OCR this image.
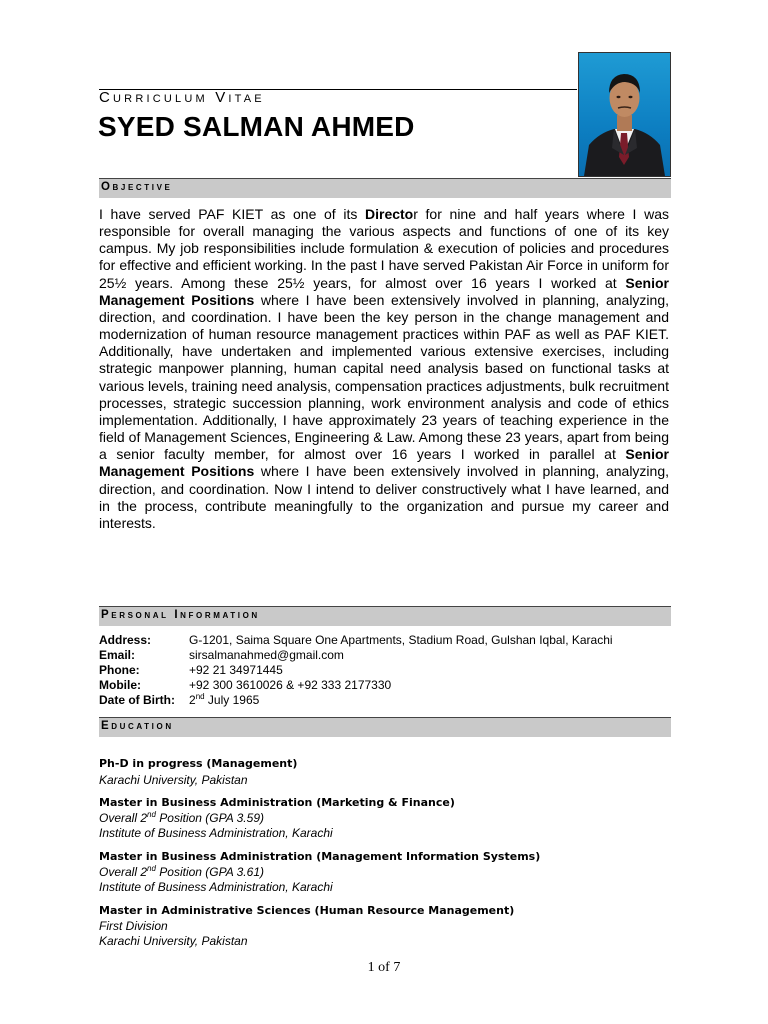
Curriculum Vitae
SYED SALMAN AHMED
Objective
I have served PAF KIET as one of its Director for nine and half years where I was responsible for overall managing the various aspects and functions of one of its key campus. My job responsibilities include formulation & execution of policies and procedures for effective and efficient working. In the past I have served Pakistan Air Force in uniform for 25½ years. Among these 25½ years, for almost over 16 years I worked at Senior Management Positions where I have been extensively involved in planning, analyzing, direction, and coordination. I have been the key person in the change management and modernization of human resource management practices within PAF as well as PAF KIET. Additionally, have undertaken and implemented various extensive exercises, including strategic manpower planning, human capital need analysis based on functional tasks at various levels, training need analysis, compensation practices adjustments, bulk recruitment processes, strategic succession planning, work environment analysis and code of ethics implementation. Additionally, I have approximately 23 years of teaching experience in the field of Management Sciences, Engineering & Law. Among these 23 years, apart from being a senior faculty member, for almost over 16 years I worked in parallel at Senior Management Positions where I have been extensively involved in planning, analyzing, direction, and coordination. Now I intend to deliver constructively what I have learned, and in the process, contribute meaningfully to the organization and pursue my career and interests.
Personal Information
Address:	G-1201, Saima Square One Apartments, Stadium Road, Gulshan Iqbal, Karachi
Email:	sirsalmanahmed@gmail.com
Phone:	+92 21 34971445
Mobile:	+92 300 3610026 & +92 333 2177330
Date of Birth: 2nd July 1965
Education
Ph-D in progress (Management)
Karachi University, Pakistan
Master in Business Administration (Marketing & Finance)
Overall 2nd Position (GPA 3.59)
Institute of Business Administration, Karachi
Master in Business Administration (Management Information Systems)
Overall 2nd Position (GPA 3.61)
Institute of Business Administration, Karachi
Master in Administrative Sciences (Human Resource Management)
First Division
Karachi University, Pakistan
1 of 7
